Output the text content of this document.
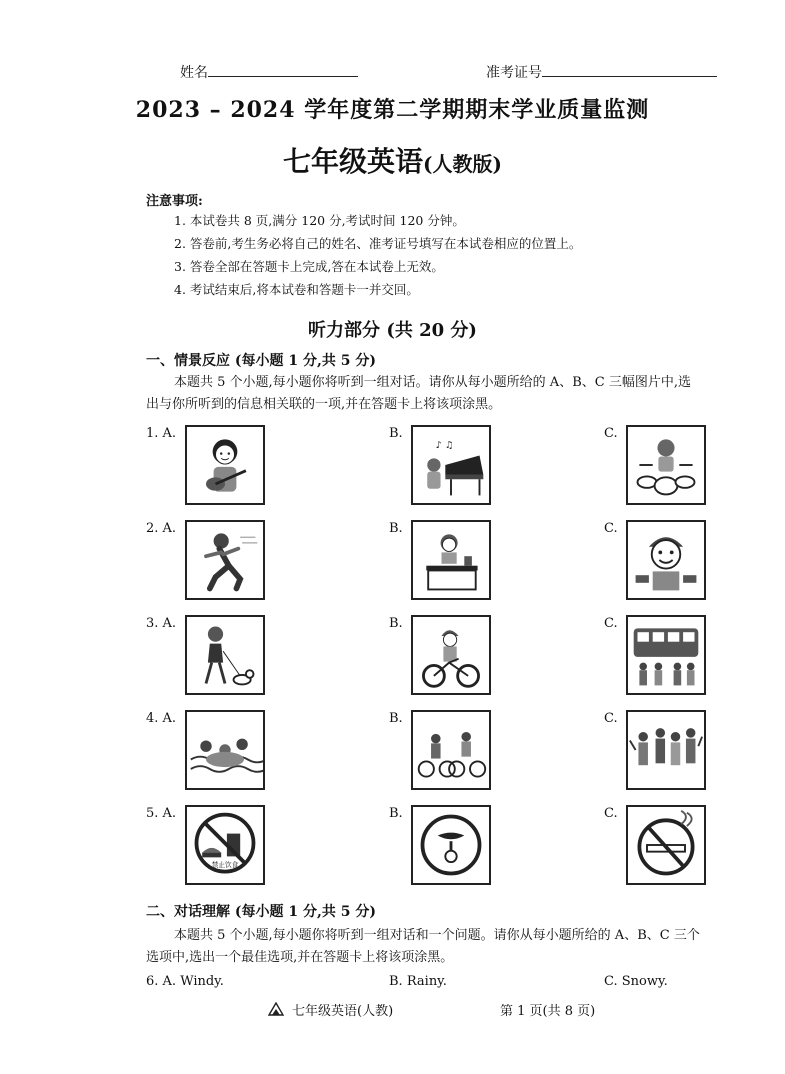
姓名	准考证号
2023 – 2024 学年度第二学期期末学业质量监测
七年级英语(人教版)
注意事项:
1. 本试卷共 8 页,满分 120 分,考试时间 120 分钟。
2. 答卷前,考生务必将自己的姓名、准考证号填写在本试卷相应的位置上。
3. 答卷全部在答题卡上完成,答在本试卷上无效。
4. 考试结束后,将本试卷和答题卡一并交回。
听力部分 (共 20 分)
一、情景反应 (每小题 1 分,共 5 分)
本题共 5 个小题,每小题你将听到一组对话。请你从每小题所给的 A、B、C 三幅图片中,选
出与你所听到的信息相关联的一项,并在答题卡上将该项涂黑。
1. A.	B.	C.
♪ ♫
2. A.	B.	C.
3. A.	B.	C.
4. A.	B.	C.
5. A.	B.	C.
禁止饮食
二、对话理解 (每小题 1 分,共 5 分)
本题共 5 个小题,每小题你将听到一组对话和一个问题。请你从每小题所给的 A、B、C 三个
选项中,选出一个最佳选项,并在答题卡上将该项涂黑。
6. A. Windy.	B. Rainy.	C. Snowy.
七年级英语(人教)	第 1 页(共 8 页)
